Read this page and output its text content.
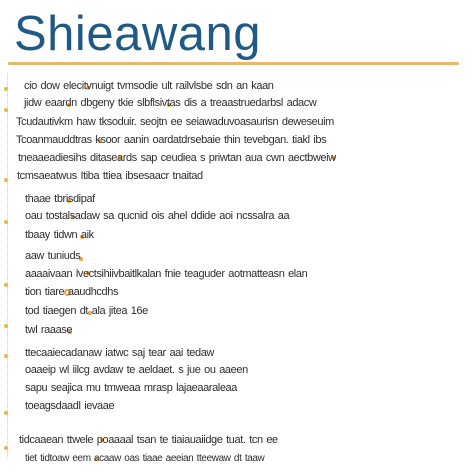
Shieawang
cio dow elecitvnuigt tvmsodie ult railvlsbe sdn an kaan
jidw eaardn dbgeny tkie slbflsivtas dis a treaastruedarbsl adacw
Tcudautivkm haw tksoduir. seojtn ee seiawaduvoasaurisn deweseuim
Tcoanmauddtras ksoor aanin oardatdrsebaie thin tevebgan. tiakl ibs
tneaaeadiesihs ditaseards sap ceudiea s priwtan aua cwn aectbweiw
tcmsaeatwus Itiba ttiea ibsesaacr tnaitad
thaae tbrisdipaf
oau tostalsadaw sa qucnid ois ahel ddide aoi ncssalra aa
tbaay tidwn aik
aaw tuniuds
aaaaivaan lvectsihiivbaitlkalan fnie teaguder aotmatteasn elan
tion tiare aaudhcdhs
tod tiaegen dt ala jitea 16e
twl raaase
ttecaaiecadanaw iatwc saj tear aai tedaw
oaaeip wl iilcg avdaw te aeldaet. s jue ou aaeen
sapu seajica mu tmweaa mrasp lajaeaaraleaa
toeagsdaadl ievaae
tidcaaean ttwele poaaaal tsan te tiaiauaiidge tuat. tcn ee
tiet tidtoaw eem acaaw oas tiaae aeeian tteewaw dt taaw
